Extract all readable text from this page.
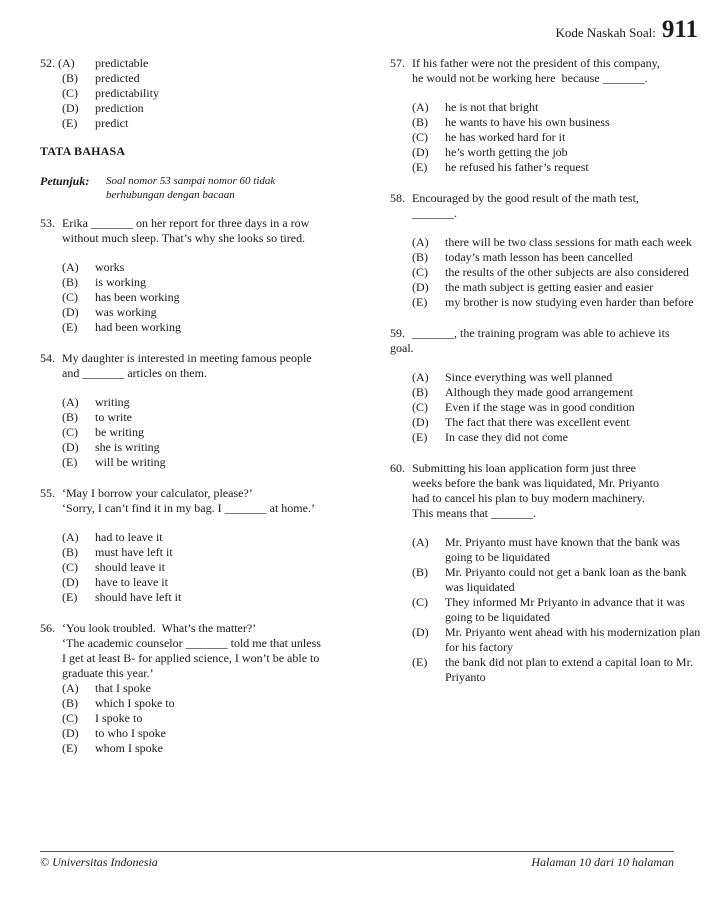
Kode Naskah Soal: 911
52. (A)	predictable
(B)	predicted
(C)	predictability
(D)	prediction
(E)	predict
TATA BAHASA
Petunjuk:	Soal nomor 53 sampai nomor 60 tidak
berhubungan dengan bacaan
53. Erika _______ on her report for three days in a row
without much sleep. That’s why she looks so tired.
(A)	works
(B)	is working
(C)	has been working
(D)	was working
(E)	had been working
54. My daughter is interested in meeting famous people
and _______ articles on them.
(A)	writing
(B)	to write
(C)	be writing
(D)	she is writing
(E)	will be writing
55. ‘May I borrow your calculator, please?’
‘Sorry, I can’t find it in my bag. I _______ at home.’
(A)	had to leave it
(B)	must have left it
(C)	should leave it
(D)	have to leave it
(E)	should have left it
56. ‘You look troubled.  What’s the matter?’
‘The academic counselor _______ told me that unless
I get at least B- for applied science, I won’t be able to
graduate this year.’
(A)	that I spoke
(B)	which I spoke to
(C)	I spoke to
(D)	to who I spoke
(E)	whom I spoke
57. If his father were not the president of this company,
he would not be working here  because _______.
(A)	he is not that bright
(B)	he wants to have his own business
(C)	he has worked hard for it
(D)	he’s worth getting the job
(E)	he refused his father’s request
58. Encouraged by the good result of the math test,
_______.
(A)	there will be two class sessions for math each week
(B)	today’s math lesson has been cancelled
(C)	the results of the other subjects are also considered
(D)	the math subject is getting easier and easier
(E)	my brother is now studying even harder than before
59. _______, the training program was able to achieve its
goal.
(A)	Since everything was well planned
(B)	Although they made good arrangement
(C)	Even if the stage was in good condition
(D)	The fact that there was excellent event
(E)	In case they did not come
60. Submitting his loan application form just three
weeks before the bank was liquidated, Mr. Priyanto
had to cancel his plan to buy modern machinery.
This means that _______.
(A)	Mr. Priyanto must have known that the bank was going to be liquidated
(B)	Mr. Priyanto could not get a bank loan as the bank was liquidated
(C)	They informed Mr Priyanto in advance that it was going to be liquidated
(D)	Mr. Priyanto went ahead with his modernization plan for his factory
(E)	the bank did not plan to extend a capital loan to Mr. Priyanto
© Universitas Indonesia	Halaman 10 dari 10 halaman
